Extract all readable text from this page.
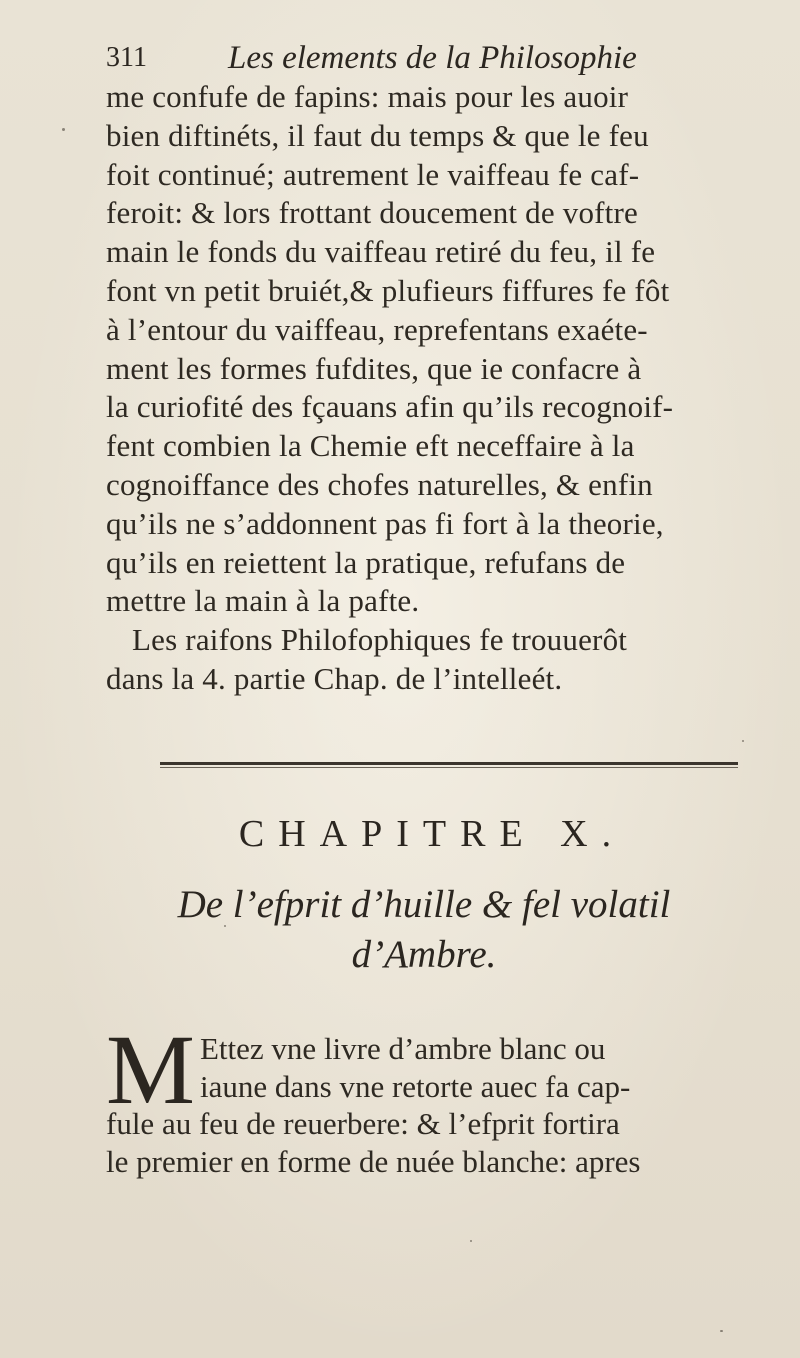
311 Les elements de la Philosophie
me confufe de fapins: mais pour les auoir
bien diftinéts, il faut du temps & que le feu
foit continué; autrement le vaiffeau fe caf-
feroit: & lors frottant doucement de voftre
main le fonds du vaiffeau retiré du feu, il fe
font vn petit bruiét,& plufieurs fiffures fe fôt
à l’entour du vaiffeau, reprefentans exaéte-
ment les formes fufdites, que ie confacre à
la curiofité des fçauans afin qu’ils recognoif-
fent combien la Chemie eft neceffaire à la
cognoiffance des chofes naturelles, & enfin
qu’ils ne s’addonnent pas fi fort à la theorie,
qu’ils en reiettent la pratique, refufans de
mettre la main à la pafte.
Les raifons Philofophiques fe trouuerôt
dans la 4. partie Chap. de l’intelleét.
CHAPITRE X.
De l’efprit d’huille & fel volatil
d’Ambre.
M Ettez vne livre d’ambre blanc ou
iaune dans vne retorte auec fa cap-
fule au feu de reuerbere: & l’efprit fortira
le premier en forme de nuée blanche: apres
